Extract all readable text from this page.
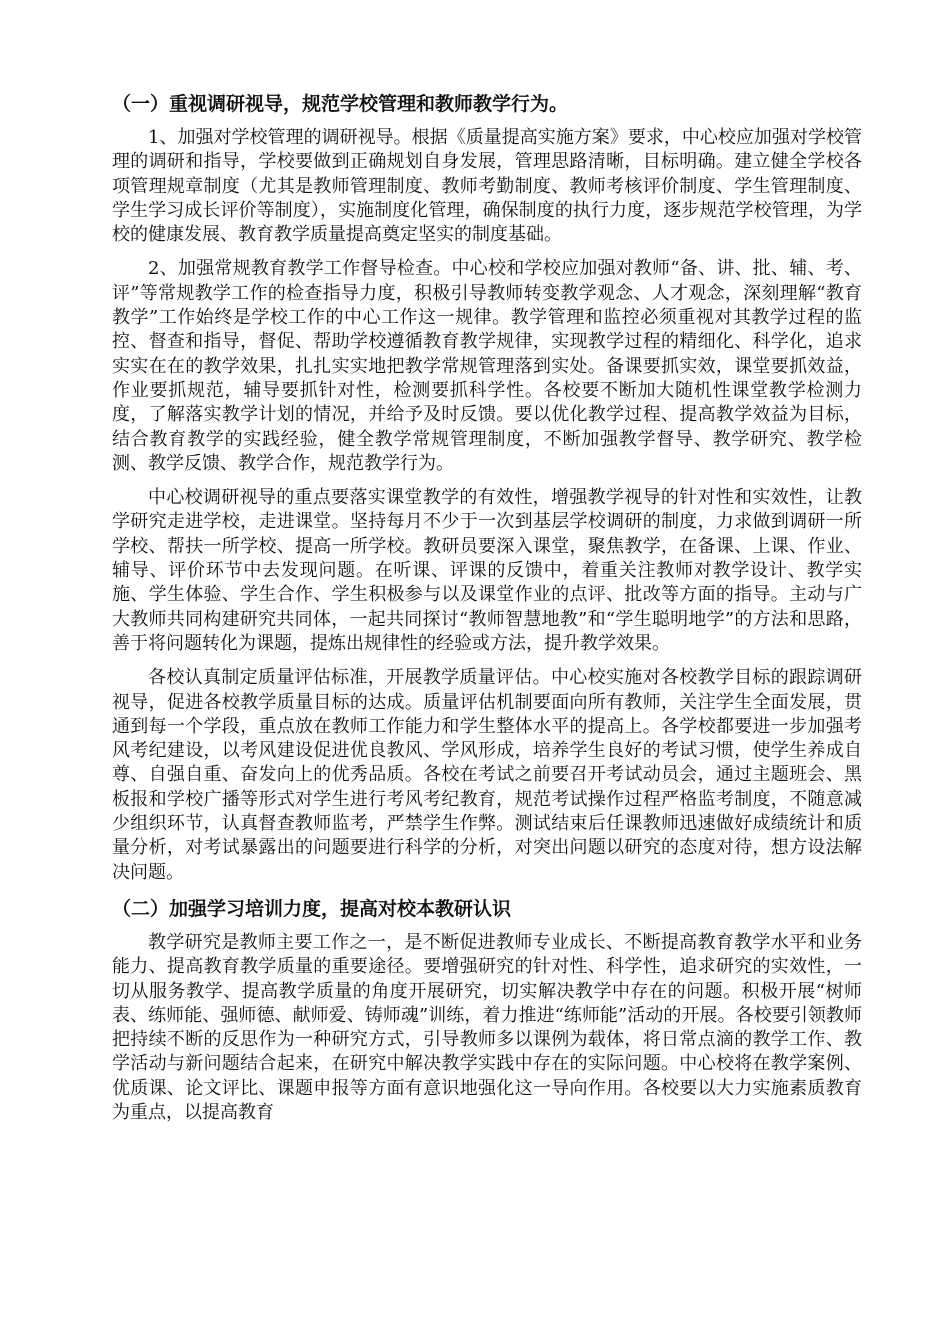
（一）重视调研视导，规范学校管理和教师教学行为。

1、加强对学校管理的调研视导。根据《质量提高实施方案》要求，中心校应加强对学校管理的调研和指导，学校要做到正确规划自身发展，管理思路清晰，目标明确。建立健全学校各项管理规章制度（尤其是教师管理制度、教师考勤制度、教师考核评价制度、学生管理制度、学生学习成长评价等制度），实施制度化管理，确保制度的执行力度，逐步规范学校管理，为学校的健康发展、教育教学质量提高奠定坚实的制度基础。

2、加强常规教育教学工作督导检查。中心校和学校应加强对教师“备、讲、批、辅、考、评”等常规教学工作的检查指导力度，积极引导教师转变教学观念、人才观念，深刻理解“教育教学”工作始终是学校工作的中心工作这一规律。教学管理和监控必须重视对其教学过程的监控、督查和指导，督促、帮助学校遵循教育教学规律，实现教学过程的精细化、科学化，追求实实在在的教学效果，扎扎实实地把教学常规管理落到实处。备课要抓实效，课堂要抓效益，作业要抓规范，辅导要抓针对性，检测要抓科学性。各校要不断加大随机性课堂教学检测力度，了解落实教学计划的情况，并给予及时反馈。要以优化教学过程、提高教学效益为目标，结合教育教学的实践经验，健全教学常规管理制度，不断加强教学督导、教学研究、教学检测、教学反馈、教学合作，规范教学行为。

中心校调研视导的重点要落实课堂教学的有效性，增强教学视导的针对性和实效性，让教学研究走进学校，走进课堂。坚持每月不少于一次到基层学校调研的制度，力求做到调研一所学校、帮扶一所学校、提高一所学校。教研员要深入课堂，聚焦教学，在备课、上课、作业、辅导、评价环节中去发现问题。在听课、评课的反馈中，着重关注教师对教学设计、教学实施、学生体验、学生合作、学生积极参与以及课堂作业的点评、批改等方面的指导。主动与广大教师共同构建研究共同体，一起共同探讨“教师智慧地教”和“学生聪明地学”的方法和思路，善于将问题转化为课题，提炼出规律性的经验或方法，提升教学效果。

各校认真制定质量评估标准，开展教学质量评估。中心校实施对各校教学目标的跟踪调研视导，促进各校教学质量目标的达成。质量评估机制要面向所有教师，关注学生全面发展，贯通到每一个学段，重点放在教师工作能力和学生整体水平的提高上。各学校都要进一步加强考风考纪建设，以考风建设促进优良教风、学风形成，培养学生良好的考试习惯，使学生养成自尊、自强自重、奋发向上的优秀品质。各校在考试之前要召开考试动员会，通过主题班会、黑板报和学校广播等形式对学生进行考风考纪教育，规范考试操作过程严格监考制度，不随意减少组织环节，认真督查教师监考，严禁学生作弊。测试结束后任课教师迅速做好成绩统计和质量分析，对考试暴露出的问题要进行科学的分析，对突出问题以研究的态度对待，想方设法解决问题。

（二）加强学习培训力度，提高对校本教研认识

教学研究是教师主要工作之一，是不断促进教师专业成长、不断提高教育教学水平和业务能力、提高教育教学质量的重要途径。要增强研究的针对性、科学性，追求研究的实效性，一切从服务教学、提高教学质量的角度开展研究，切实解决教学中存在的问题。积极开展“树师表、练师能、强师德、献师爱、铸师魂”训练，着力推进“练师能”活动的开展。各校要引领教师把持续不断的反思作为一种研究方式，引导教师多以课例为载体，将日常点滴的教学工作、教学活动与新问题结合起来，在研究中解决教学实践中存在的实际问题。中心校将在教学案例、优质课、论文评比、课题申报等方面有意识地强化这一导向作用。各校要以大力实施素质教育为重点，以提高教育
